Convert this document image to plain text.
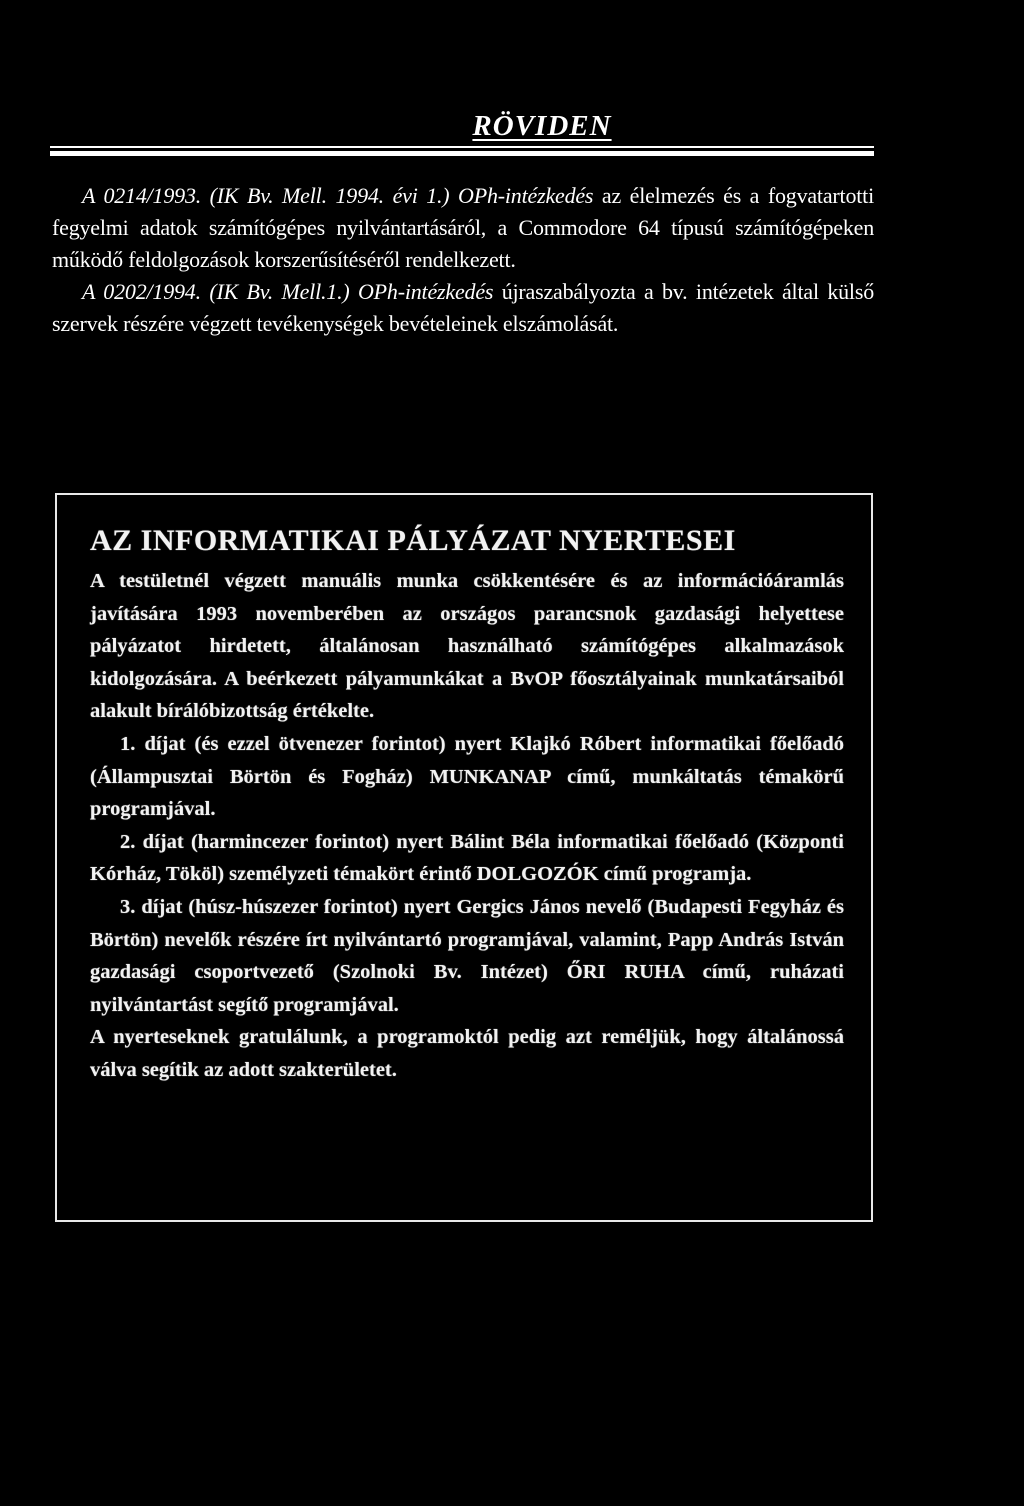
RÖVIDEN

A 0214/1993. (IK Bv. Mell. 1994. évi 1.) OPh-intézkedés az élelmezés és a fogvatartotti fegyelmi adatok számítógépes nyilvántartásáról, a Commodore 64 típusú számítógépeken működő feldolgozások korszerűsítéséről rendelkezett.

A 0202/1994. (IK Bv. Mell.1.) OPh-intézkedés újraszabályozta a bv. intézetek által külső szervek részére végzett tevékenységek bevételeinek elszámolását.

AZ INFORMATIKAI PÁLYÁZAT NYERTESEI

A testületnél végzett manuális munka csökkentésére és az információáramlás javítására 1993 novemberében az országos parancsnok gazdasági helyettese pályázatot hirdetett, általánosan használható számítógépes alkalmazások kidolgozására. A beérkezett pályamunkákat a BvOP főosztályainak munkatársaiból alakult bírálóbizottság értékelte.

1. díjat (és ezzel ötvenezer forintot) nyert Klajkó Róbert informatikai főelőadó (Állampusztai Börtön és Fogház) MUNKANAP című, munkáltatás témakörű programjával.

2. díjat (harmincezer forintot) nyert Bálint Béla informatikai főelőadó (Központi Kórház, Tököl) személyzeti témakört érintő DOLGOZÓK című programja.

3. díjat (húsz-húszezer forintot) nyert Gergics János nevelő (Budapesti Fegyház és Börtön) nevelők részére írt nyilvántartó programjával, valamint, Papp András István gazdasági csoportvezető (Szolnoki Bv. Intézet) ŐRI RUHA című, ruházati nyilvántartást segítő programjával.

A nyerteseknek gratulálunk, a programoktól pedig azt reméljük, hogy általánossá válva segítik az adott szakterületet.
